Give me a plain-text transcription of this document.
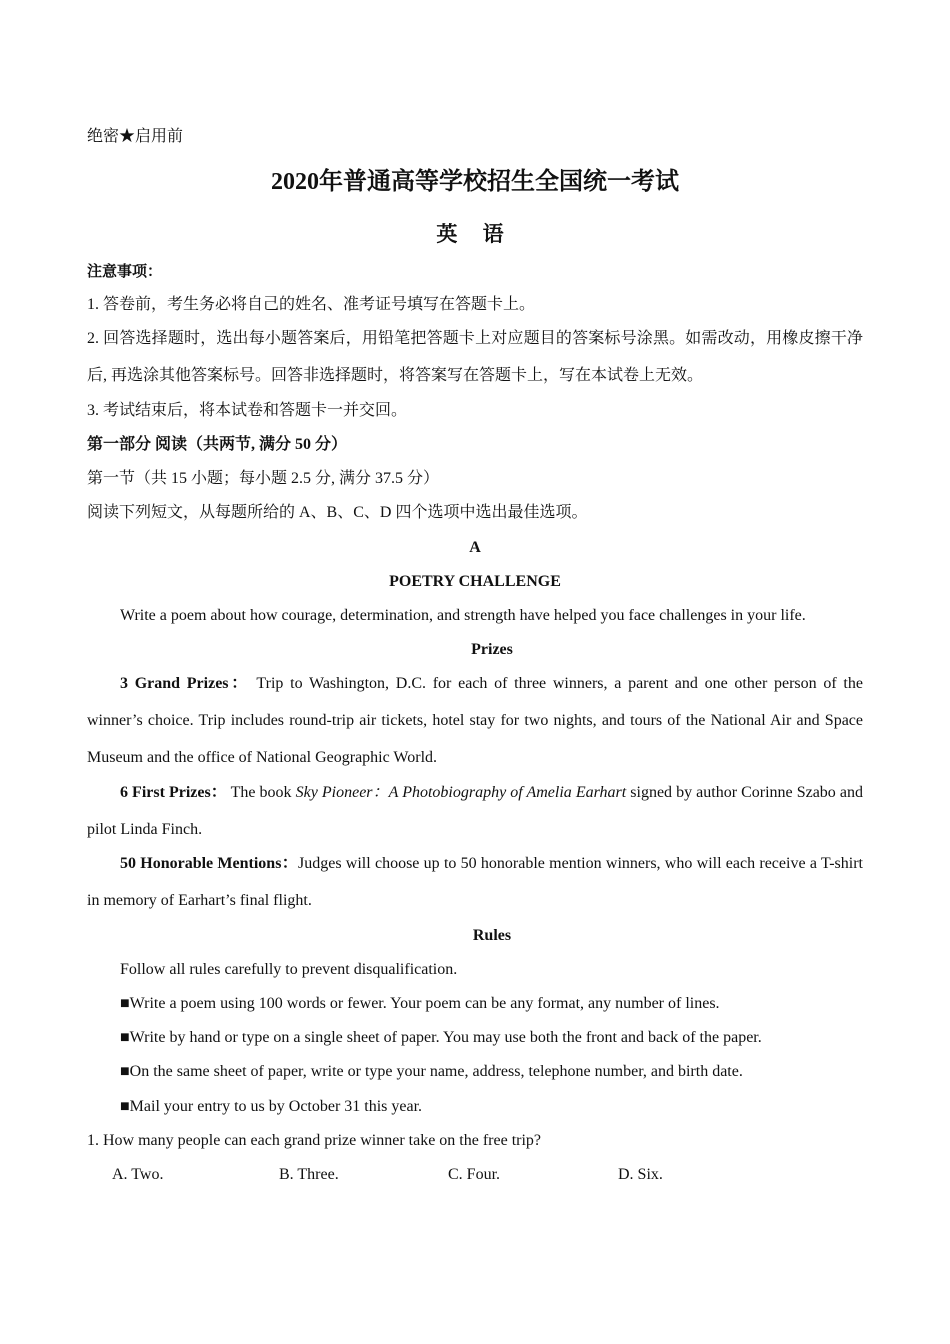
绝密★启用前
2020年普通高等学校招生全国统一考试
英 语
注意事项：
1. 答卷前，考生务必将自己的姓名、准考证号填写在答题卡上。
2. 回答选择题时，选出每小题答案后，用铅笔把答题卡上对应题目的答案标号涂黑。如需改动，用橡皮擦干净后, 再选涂其他答案标号。回答非选择题时，将答案写在答题卡上，写在本试卷上无效。
3. 考试结束后，将本试卷和答题卡一并交回。
第一部分 阅读（共两节, 满分 50 分）
第一节（共 15 小题；每小题 2.5 分, 满分 37.5 分）
阅读下列短文，从每题所给的 A、B、C、D 四个选项中选出最佳选项。
A
POETRY CHALLENGE
Write a poem about how courage, determination, and strength have helped you face challenges in your life.
Prizes
3 Grand Prizes： Trip to Washington, D.C. for each of three winners, a parent and one other person of the winner’s choice. Trip includes round-trip air tickets, hotel stay for two nights, and tours of the National Air and Space Museum and the office of National Geographic World.
6 First Prizes： The book Sky Pioneer：A Photobiography of Amelia Earhart signed by author Corinne Szabo and pilot Linda Finch.
50 Honorable Mentions：Judges will choose up to 50 honorable mention winners, who will each receive a T-shirt in memory of Earhart’s final flight.
Rules
Follow all rules carefully to prevent disqualification.
■Write a poem using 100 words or fewer. Your poem can be any format, any number of lines.
■Write by hand or type on a single sheet of paper. You may use both the front and back of the paper.
■On the same sheet of paper, write or type your name, address, telephone number, and birth date.
■Mail your entry to us by October 31 this year.
1. How many people can each grand prize winner take on the free trip?
A. Two.	B. Three.	C. Four.	D. Six.
